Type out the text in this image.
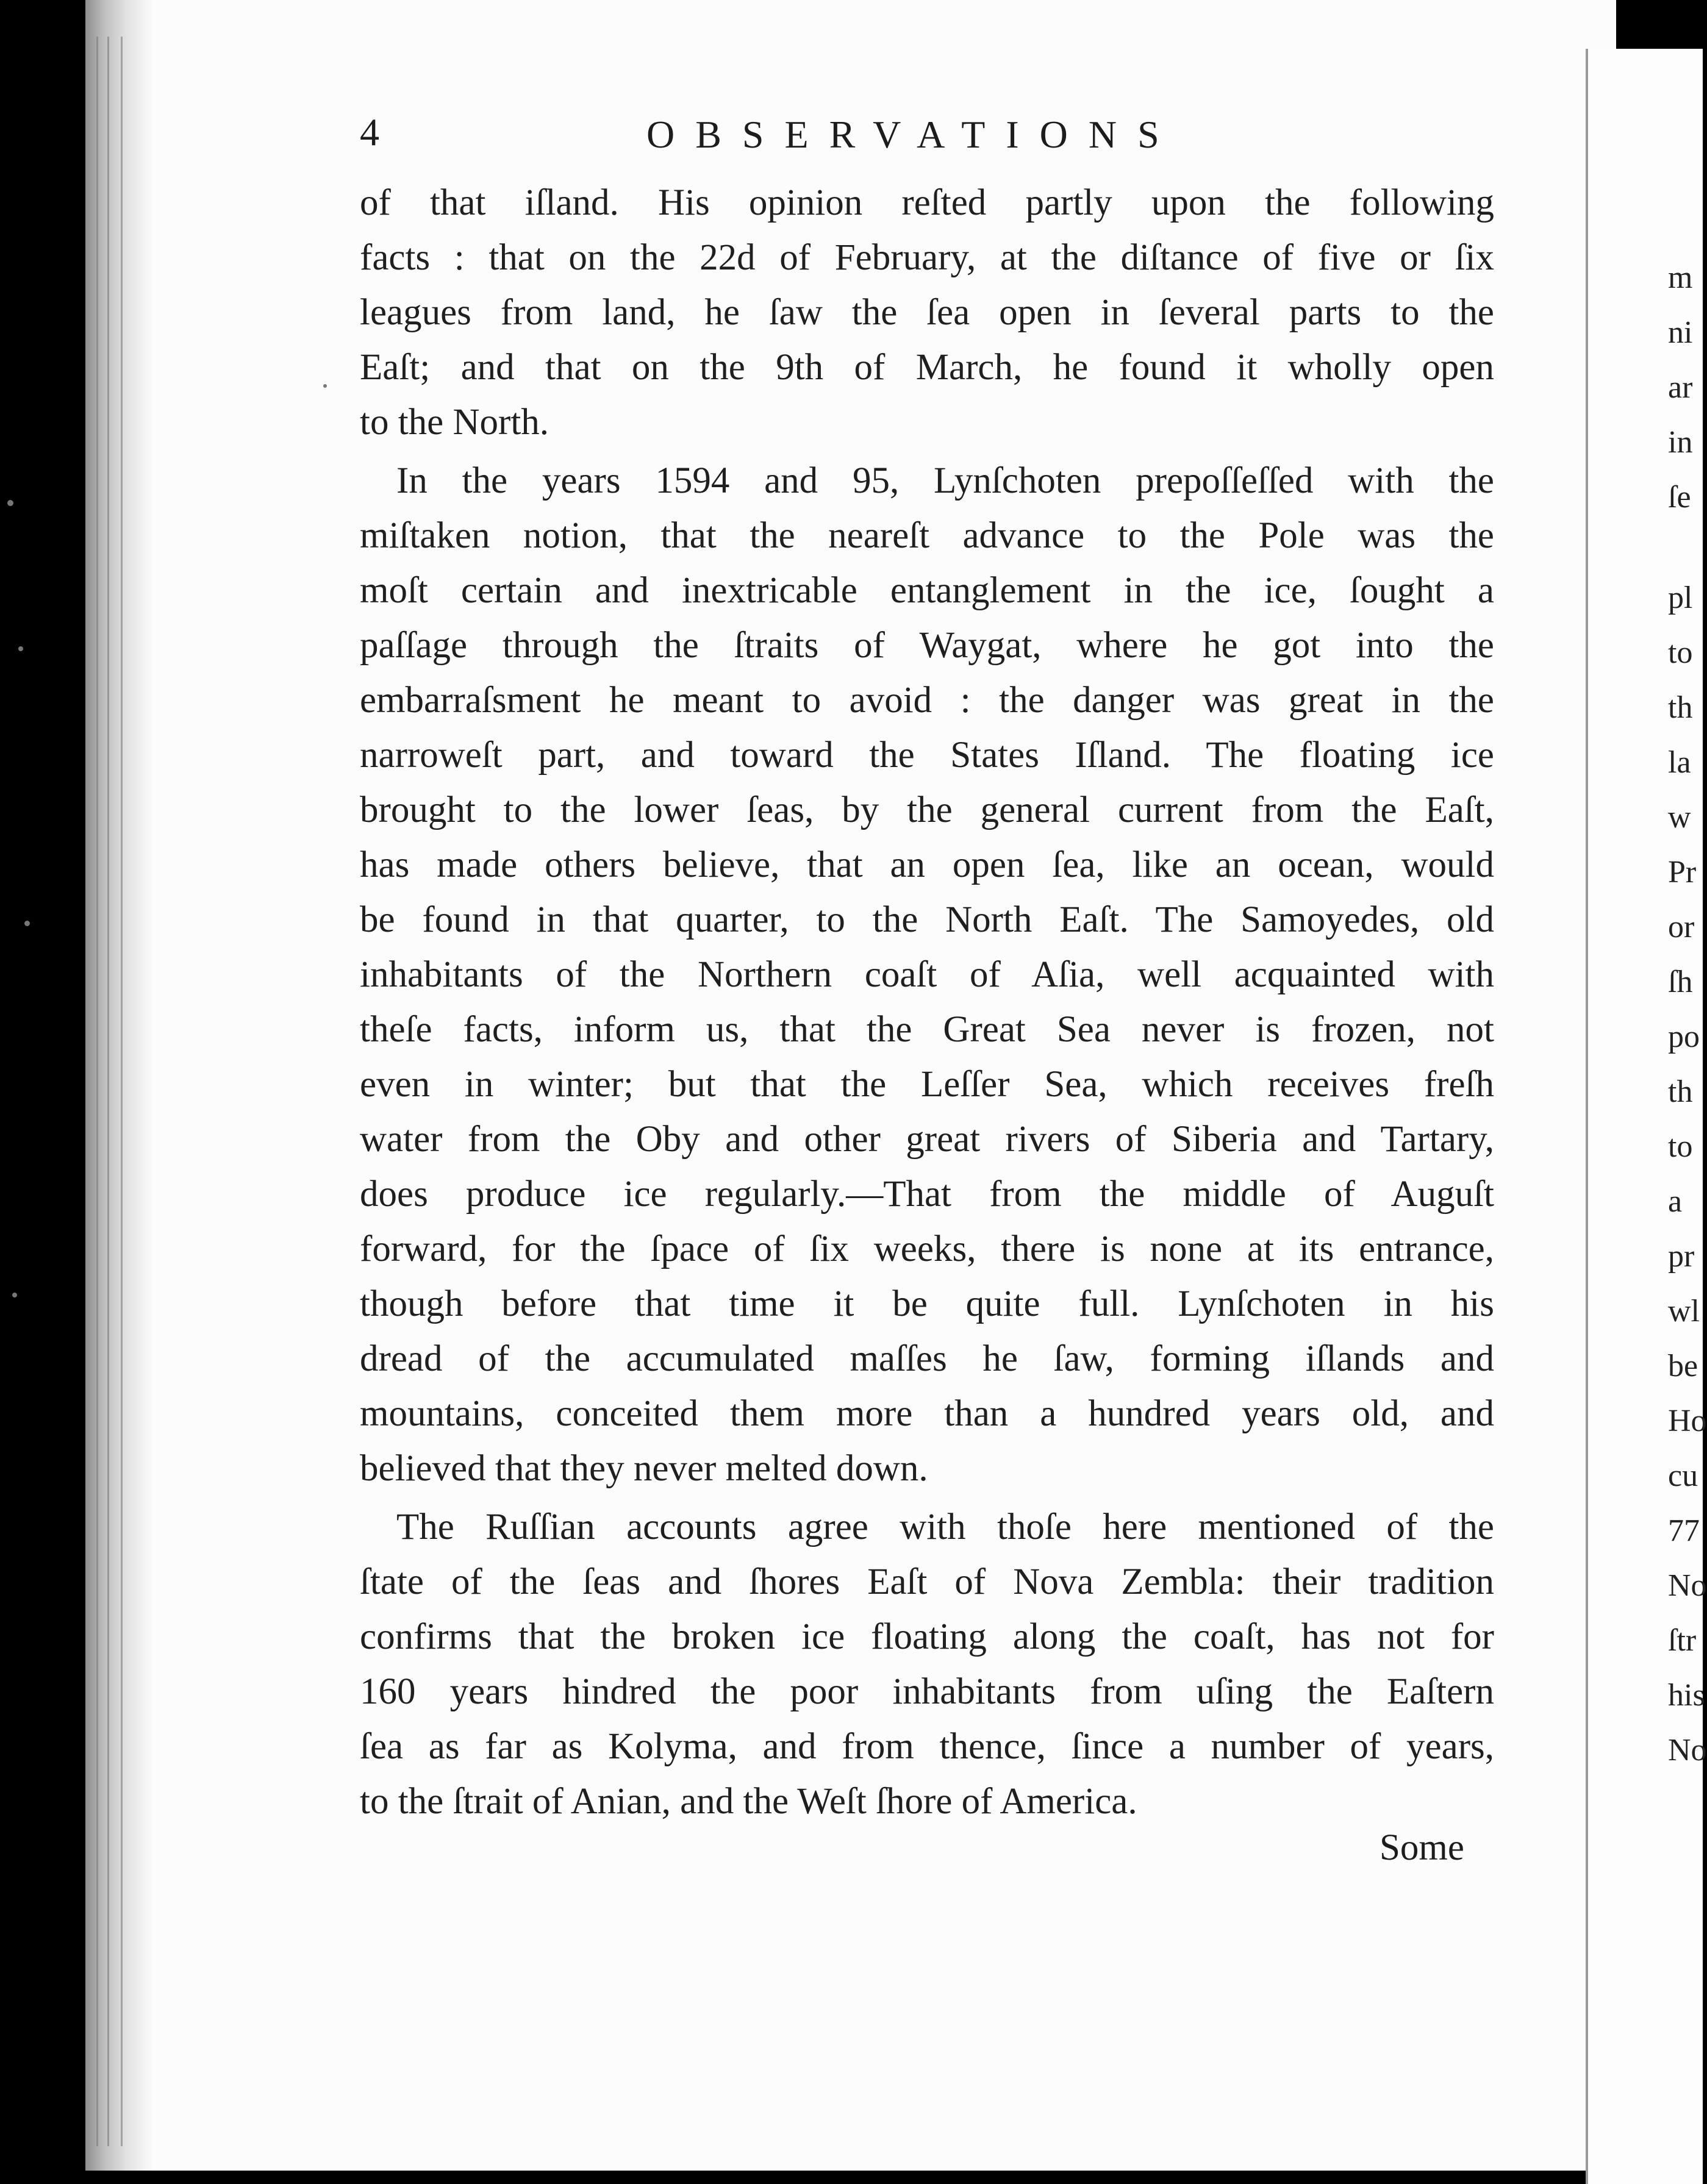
4	OBSERVATIONS
of that iſland. His opinion reſted partly upon the following
facts : that on the 22d of February, at the diſtance of five or ſix
leagues from land, he ſaw the ſea open in ſeveral parts to the
Eaſt; and that on the 9th of March, he found it wholly open
to the North.
In the years 1594 and 95, Lynſchoten prepoſſeſſed with the
miſtaken notion, that the neareſt advance to the Pole was the
moſt certain and inextricable entanglement in the ice, ſought a
paſſage through the ſtraits of Waygat, where he got into the
embarraſsment he meant to avoid : the danger was great in the
narroweſt part, and toward the States Iſland. The floating ice
brought to the lower ſeas, by the general current from the Eaſt,
has made others believe, that an open ſea, like an ocean, would
be found in that quarter, to the North Eaſt. The Samoyedes, old
inhabitants of the Northern coaſt of Aſia, well acquainted with
theſe facts, inform us, that the Great Sea never is frozen, not
even in winter; but that the Leſſer Sea, which receives freſh
water from the Oby and other great rivers of Siberia and Tartary,
does produce ice regularly.—That from the middle of Auguſt
forward, for the ſpace of ſix weeks, there is none at its entrance,
though before that time it be quite full. Lynſchoten in his
dread of the accumulated maſſes he ſaw, forming iſlands and
mountains, conceited them more than a hundred years old, and
believed that they never melted down.
The Ruſſian accounts agree with thoſe here mentioned of the
ſtate of the ſeas and ſhores Eaſt of Nova Zembla: their tradition
confirms that the broken ice floating along the coaſt, has not for
160 years hindred the poor inhabitants from uſing the Eaſtern
ſea as far as Kolyma, and from thence, ſince a number of years,
to the ſtrait of Anian, and the Weſt ſhore of America.
Some
m
ni
ar
in
ſe
pl
to
th
la
w
Pr
or
ſh
po
th
to
a
pr
wl
be
Ho
cu
77
No
ſtr
his
No
